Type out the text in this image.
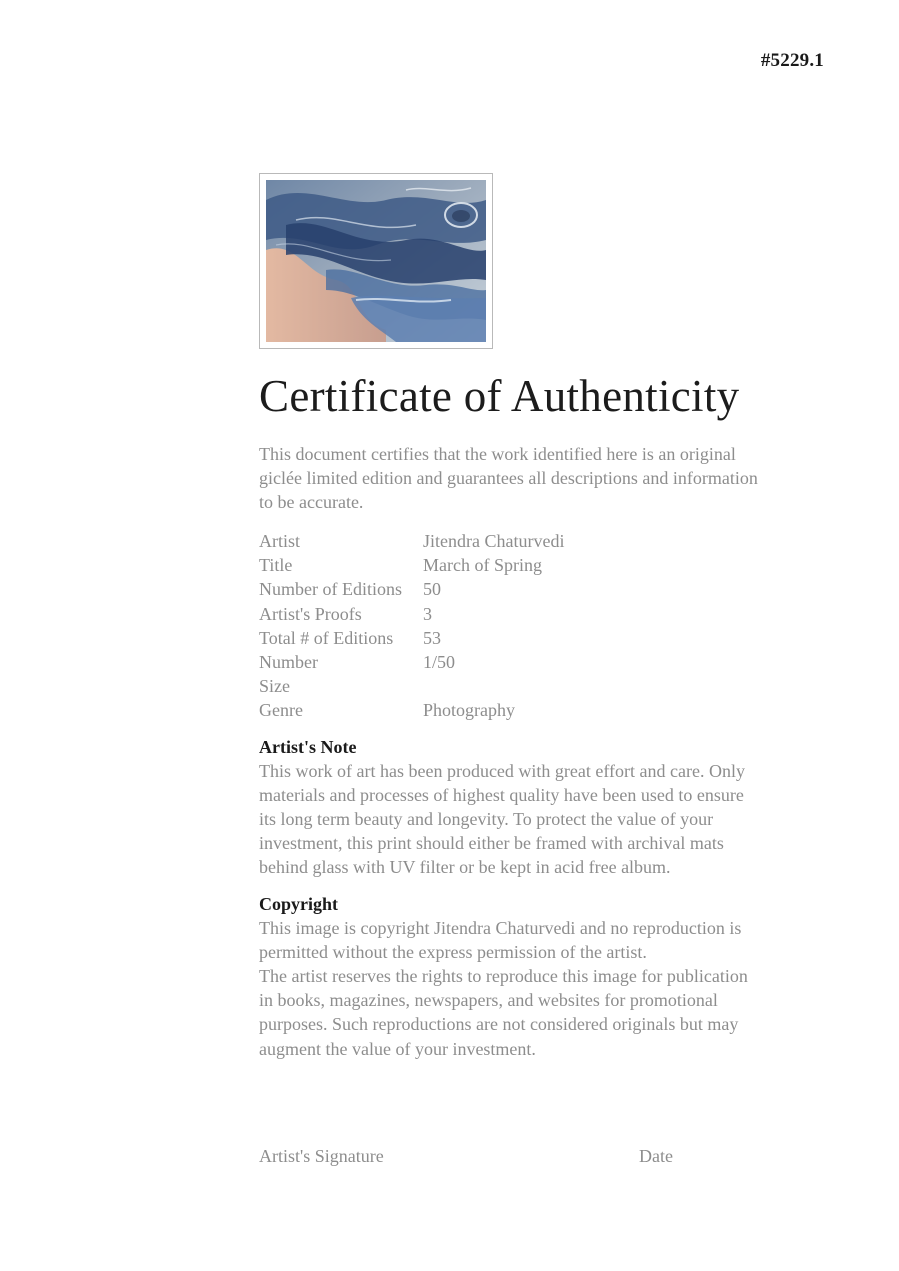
#5229.1
Certificate of Authenticity

This document certifies that the work identified here is an original giclée limited edition and guarantees all descriptions and information to be accurate.

Artist	Jitendra Chaturvedi
Title	March of Spring
Number of Editions	50
Artist's Proofs	3
Total # of Editions	53
Number	1/50
Size
Genre	Photography
Artist's Note

This work of art has been produced with great effort and care. Only materials and processes of highest quality have been used to ensure its long term beauty and longevity. To protect the value of your investment, this print should either be framed with archival mats behind glass with UV filter or be kept in acid free album.

Copyright

This image is copyright Jitendra Chaturvedi and no reproduction is permitted without the express permission of the artist.

The artist reserves the rights to reproduce this image for publication in books, magazines, newspapers, and websites for promotional purposes. Such reproductions are not considered originals but may augment the value of your investment.

Artist's Signature	Date
